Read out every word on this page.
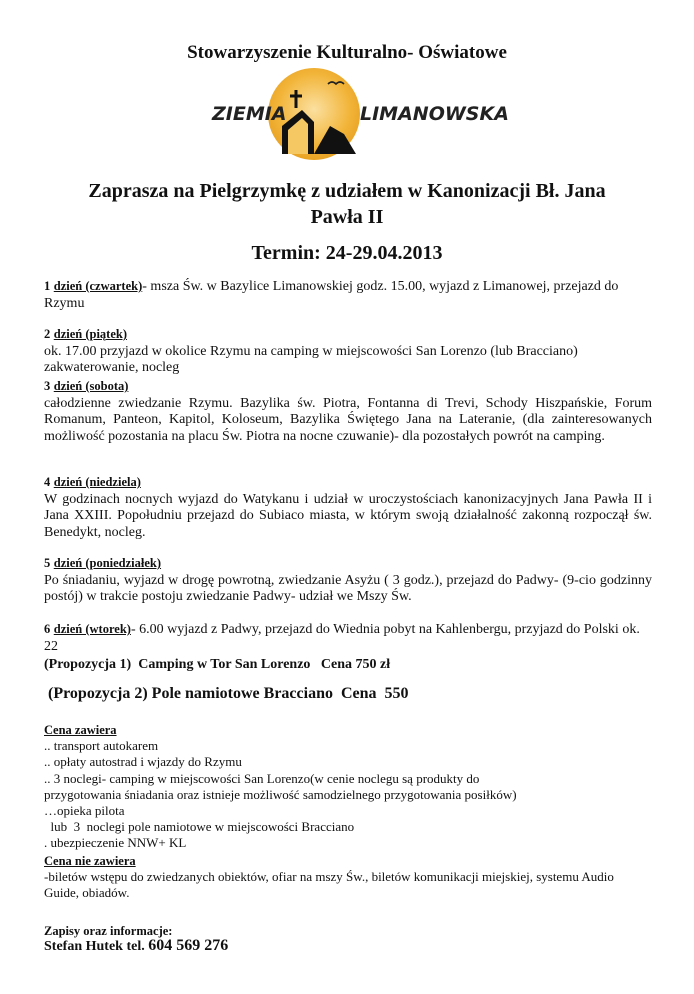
Stowarzyszenie Kulturalno- Oświatowe
ZIEMIA	LIMANOWSKA
Zaprasza na Pielgrzymkę z udziałem w Kanonizacji Bł. Jana
Pawła II
Termin: 24-29.04.2013
1 dzień (czwartek)- msza Św. w Bazylice Limanowskiej godz. 15.00, wyjazd z Limanowej, przejazd do Rzymu
2 dzień (piątek)
ok. 17.00 przyjazd w okolice Rzymu na camping w miejscowości San Lorenzo (lub Bracciano) zakwaterowanie, nocleg
3 dzień (sobota)
całodzienne zwiedzanie Rzymu. Bazylika św. Piotra, Fontanna di Trevi, Schody Hiszpańskie, Forum Romanum, Panteon, Kapitol, Koloseum, Bazylika Świętego Jana na Lateranie, (dla zainteresowanych możliwość pozostania na placu Św. Piotra na nocne czuwanie)- dla pozostałych powrót na camping.
4 dzień (niedziela)
W godzinach nocnych wyjazd do Watykanu i udział w uroczystościach kanonizacyjnych Jana Pawła II i Jana XXIII. Popołudniu przejazd do Subiaco miasta, w którym swoją działalność zakonną rozpoczął św. Benedykt, nocleg.
5 dzień (poniedziałek)
Po śniadaniu, wyjazd w drogę powrotną, zwiedzanie Asyżu ( 3 godz.), przejazd do Padwy- (9-cio godzinny postój) w trakcie postoju zwiedzanie Padwy- udział we Mszy Św.
6 dzień (wtorek)- 6.00 wyjazd z Padwy, przejazd do Wiednia pobyt na Kahlenbergu, przyjazd do Polski ok. 22
(Propozycja 1)  Camping w Tor San Lorenzo   Cena 750 zł
(Propozycja 2) Pole namiotowe Bracciano  Cena  550
Cena zawiera
.. transport autokarem
.. opłaty autostrad i wjazdy do Rzymu
.. 3 noclegi- camping w miejscowości San Lorenzo(w cenie noclegu są produkty do
przygotowania śniadania oraz istnieje możliwość samodzielnego przygotowania posiłków)
…opieka pilota
lub  3  noclegi pole namiotowe w miejscowości Bracciano
. ubezpieczenie NNW+ KL
Cena nie zawiera
-biletów wstępu do zwiedzanych obiektów, ofiar na mszy Św., biletów komunikacji miejskiej, systemu Audio Guide, obiadów.
Zapisy oraz informacje:
Stefan Hutek tel. 604 569 276
